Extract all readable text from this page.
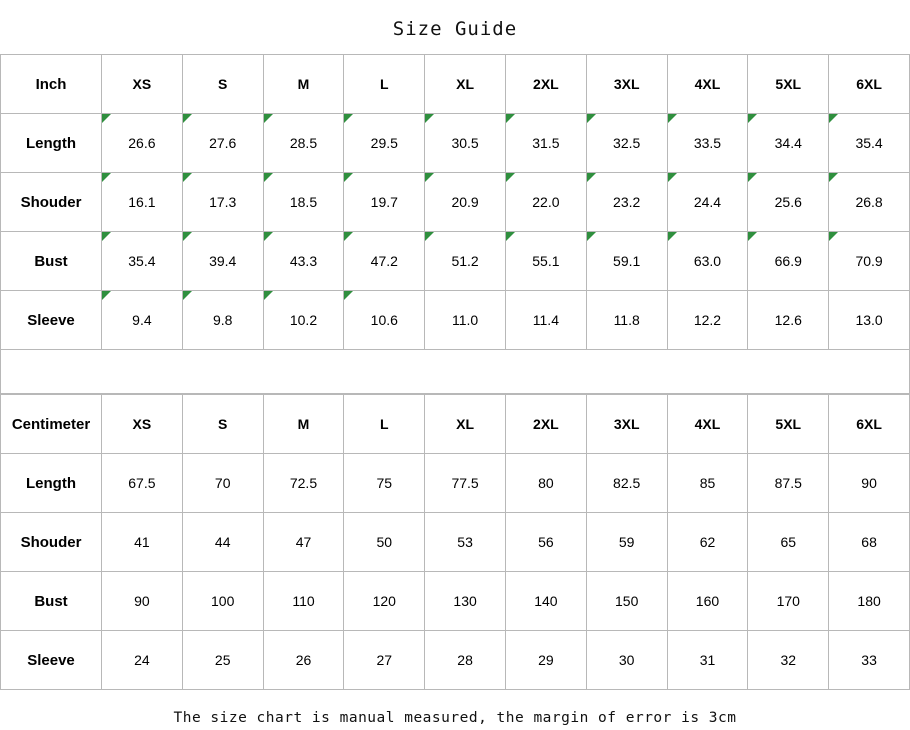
Size Guide
Inch	XS	S	M	L	XL	2XL	3XL	4XL	5XL	6XL
Length	26.6	27.6	28.5	29.5	30.5	31.5	32.5	33.5	34.4	35.4
Shouder	16.1	17.3	18.5	19.7	20.9	22.0	23.2	24.4	25.6	26.8
Bust	35.4	39.4	43.3	47.2	51.2	55.1	59.1	63.0	66.9	70.9
Sleeve	9.4	9.8	10.2	10.6	11.0	11.4	11.8	12.2	12.6	13.0
Centimeter	XS	S	M	L	XL	2XL	3XL	4XL	5XL	6XL
Length	67.5	70	72.5	75	77.5	80	82.5	85	87.5	90
Shouder	41	44	47	50	53	56	59	62	65	68
Bust	90	100	110	120	130	140	150	160	170	180
Sleeve	24	25	26	27	28	29	30	31	32	33
The size chart is manual measured, the margin of error is 3cm
